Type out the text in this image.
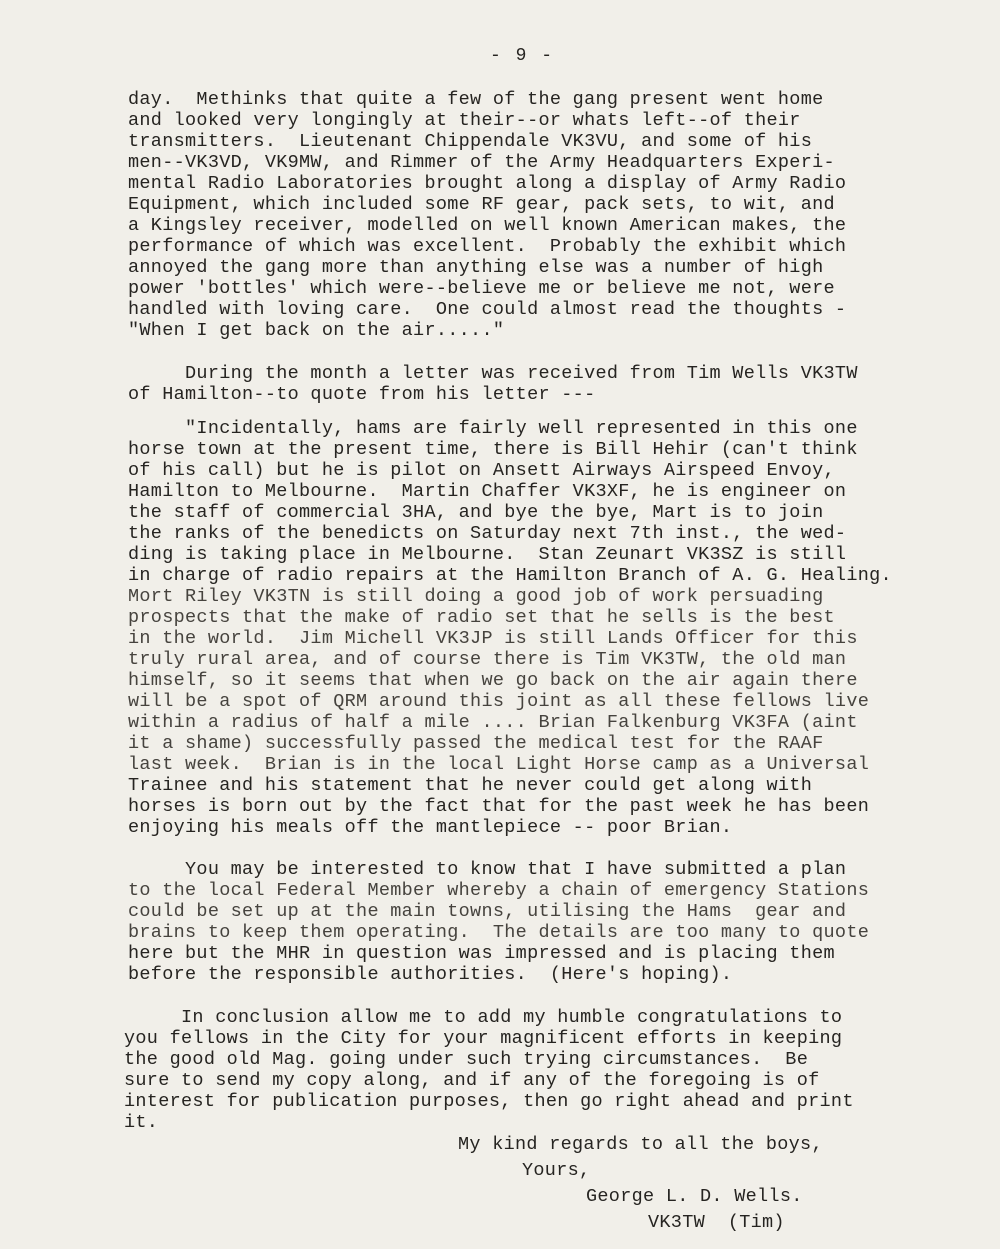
- 9 -
day.  Methinks that quite a few of the gang present went home
and looked very longingly at their--or whats left--of their
transmitters.  Lieutenant Chippendale VK3VU, and some of his
men--VK3VD, VK9MW, and Rimmer of the Army Headquarters Experi-
mental Radio Laboratories brought along a display of Army Radio
Equipment, which included some RF gear, pack sets, to wit, and
a Kingsley receiver, modelled on well known American makes, the
performance of which was excellent.  Probably the exhibit which
annoyed the gang more than anything else was a number of high
power 'bottles' which were--believe me or believe me not, were
handled with loving care.  One could almost read the thoughts -
"When I get back on the air....."
During the month a letter was received from Tim Wells VK3TW
of Hamilton--to quote from his letter ---
"Incidentally, hams are fairly well represented in this one
horse town at the present time, there is Bill Hehir (can't think
of his call) but he is pilot on Ansett Airways Airspeed Envoy,
Hamilton to Melbourne.  Martin Chaffer VK3XF, he is engineer on
the staff of commercial 3HA, and bye the bye, Mart is to join
the ranks of the benedicts on Saturday next 7th inst., the wed-
ding is taking place in Melbourne.  Stan Zeunart VK3SZ is still
in charge of radio repairs at the Hamilton Branch of A. G. Healing.
Mort Riley VK3TN is still doing a good job of work persuading
prospects that the make of radio set that he sells is the best
in the world.  Jim Michell VK3JP is still Lands Officer for this
truly rural area, and of course there is Tim VK3TW, the old man
himself, so it seems that when we go back on the air again there
will be a spot of QRM around this joint as all these fellows live
within a radius of half a mile .... Brian Falkenburg VK3FA (aint
it a shame) successfully passed the medical test for the RAAF
last week.  Brian is in the local Light Horse camp as a Universal
Trainee and his statement that he never could get along with
horses is born out by the fact that for the past week he has been
enjoying his meals off the mantlepiece -- poor Brian.
You may be interested to know that I have submitted a plan
to the local Federal Member whereby a chain of emergency Stations
could be set up at the main towns, utilising the Hams  gear and
brains to keep them operating.  The details are too many to quote
here but the MHR in question was impressed and is placing them
before the responsible authorities.  (Here's hoping).
In conclusion allow me to add my humble congratulations to
you fellows in the City for your magnificent efforts in keeping
the good old Mag. going under such trying circumstances.  Be
sure to send my copy along, and if any of the foregoing is of
interest for publication purposes, then go right ahead and print
it.
My kind regards to all the boys,
Yours,
George L. D. Wells.
VK3TW  (Tim)
